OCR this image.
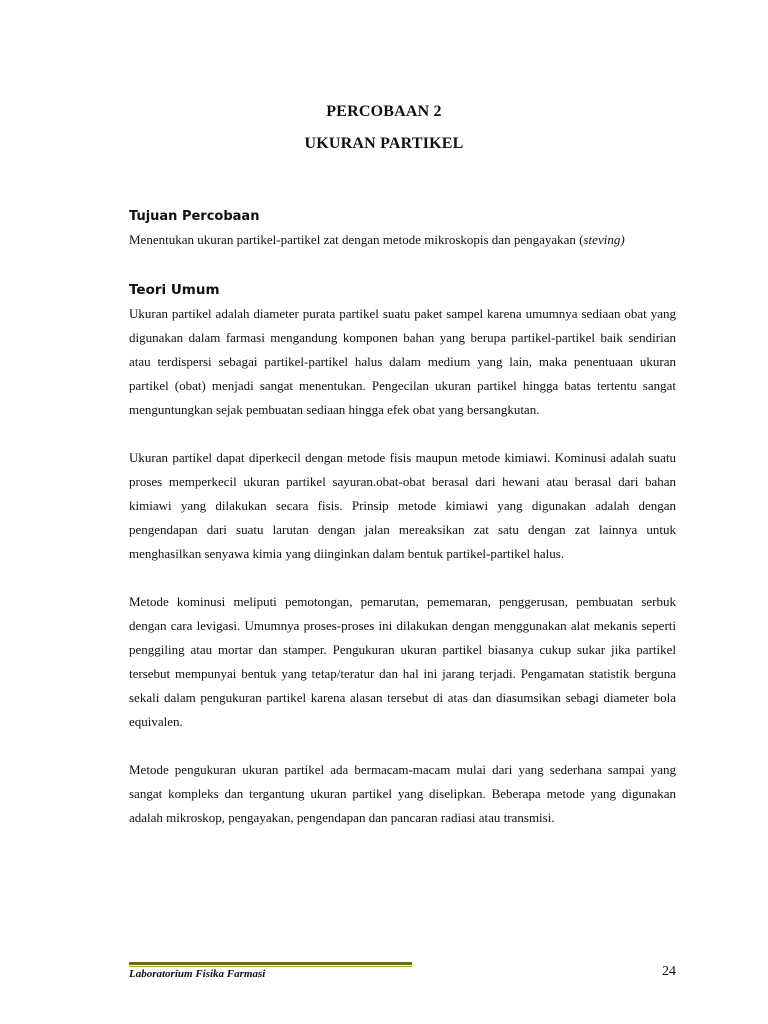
PERCOBAAN 2
UKURAN PARTIKEL
Tujuan Percobaan

Menentukan ukuran partikel-partikel zat dengan metode mikroskopis dan pengayakan (steving)

Teori Umum

Ukuran partikel adalah diameter purata partikel suatu paket sampel karena umumnya sediaan obat yang digunakan dalam farmasi mengandung komponen bahan yang berupa partikel-partikel baik sendirian atau terdispersi sebagai partikel-partikel halus dalam medium yang lain, maka penentuaan ukuran partikel (obat) menjadi sangat menentukan. Pengecilan ukuran partikel hingga batas tertentu sangat menguntungkan sejak pembuatan sediaan hingga efek obat yang bersangkutan.

Ukuran partikel dapat diperkecil dengan metode fisis maupun metode kimiawi. Kominusi adalah suatu proses memperkecil ukuran partikel sayuran.obat-obat berasal dari hewani atau berasal dari bahan kimiawi yang dilakukan secara fisis. Prinsip metode kimiawi yang digunakan adalah dengan pengendapan dari suatu larutan dengan jalan mereaksikan zat satu dengan zat lainnya untuk menghasilkan senyawa kimia yang diinginkan dalam bentuk partikel-partikel halus.

Metode kominusi meliputi pemotongan, pemarutan, pememaran, penggerusan, pembuatan serbuk dengan cara levigasi. Umumnya proses-proses ini dilakukan dengan menggunakan alat mekanis seperti penggiling atau mortar dan stamper. Pengukuran ukuran partikel biasanya cukup sukar jika partikel tersebut mempunyai bentuk yang tetap/teratur dan hal ini jarang terjadi. Pengamatan statistik berguna sekali dalam pengukuran partikel karena alasan tersebut di atas dan diasumsikan sebagi diameter bola equivalen.

Metode pengukuran ukuran partikel ada bermacam-macam mulai dari yang sederhana sampai yang sangat kompleks dan tergantung ukuran partikel yang diselipkan. Beberapa metode yang digunakan adalah mikroskop, pengayakan, pengendapan dan pancaran radiasi atau transmisi.

Laboratorium Fisika Farmasi	24
